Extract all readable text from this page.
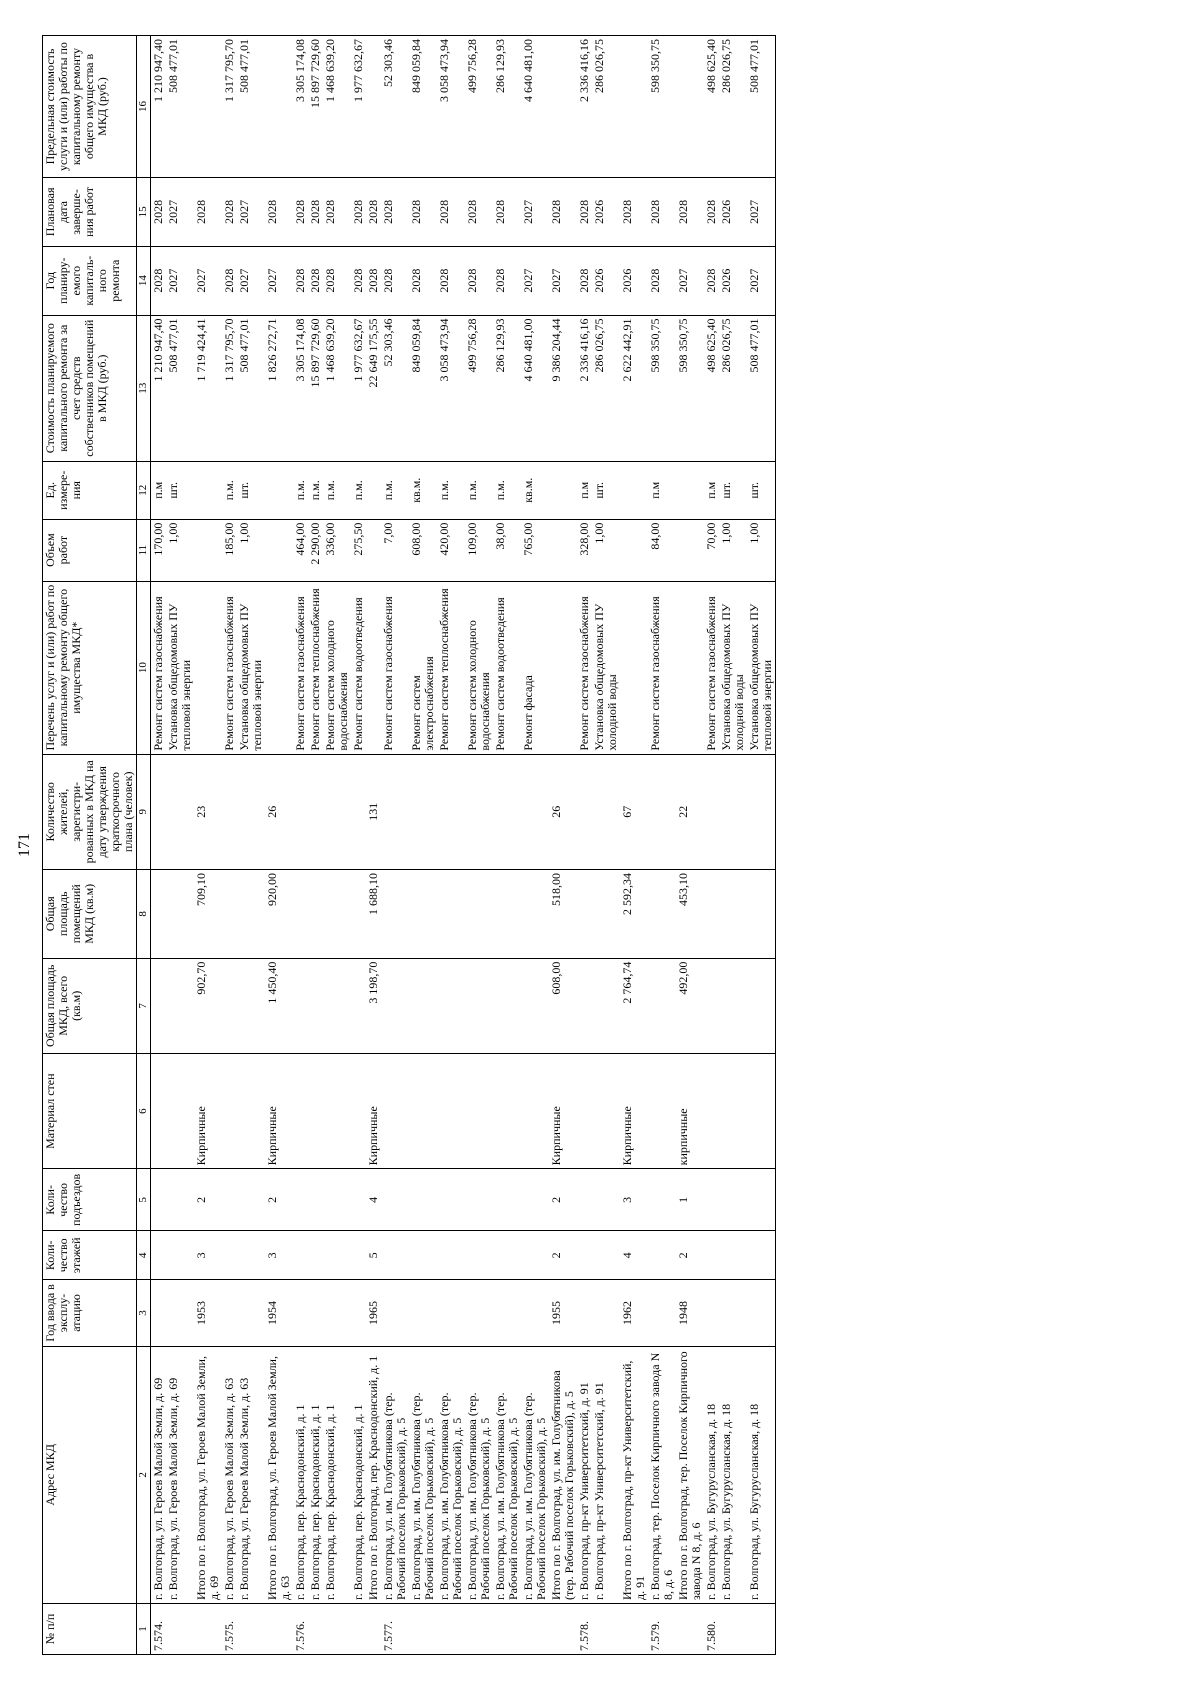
171
№ п/п	Адрес МКД	Год ввода в эксплу- атацию	Коли- чество этажей	Коли- чество подъездов	Материал стен	Общая площадь МКД, всего (кв.м)	Общая площадь помещений МКД (кв.м)	Количество жителей, зарегистри- рованных в МКД на дату утверждения краткосрочного плана (человек)	Перечень услуг и (или) работ по капитальному ремонту общего имущества МКД*	Объем работ	Ед. измере- ния	Стоимость планируемого капитального ремонта за счет средств собственников помещений в МКД (руб.)	Год планиру- емого капиталь- ного ремонта	Плановая дата заверше- ния работ	Предельная стоимость услуги и (или) работы по капитальному ремонту общего имущества в МКД (руб.)
1	2	3	4	5	6	7	8	9	10	11	12	13	14	15	16
7.574.	г. Волгоград, ул. Героев Малой Земли, д. 69								Ремонт систем газоснабжения	170,00	п.м	1 210 947,40	2028	2028	1 210 947,40
	г. Волгоград, ул. Героев Малой Земли, д. 69								Установка общедомовых ПУ тепловой энергии	1,00	шт.	508 477,01	2027	2027	508 477,01
	Итого по г. Волгоград, ул. Героев Малой Земли, д. 69	1953	3	2	Кирпичные	902,70	709,10	23				1 719 424,41	2027	2028	
7.575.	г. Волгоград, ул. Героев Малой Земли, д. 63								Ремонт систем газоснабжения	185,00	п.м.	1 317 795,70	2028	2028	1 317 795,70
	г. Волгоград, ул. Героев Малой Земли, д. 63								Установка общедомовых ПУ тепловой энергии	1,00	шт.	508 477,01	2027	2027	508 477,01
	Итого по г. Волгоград, ул. Героев Малой Земли, д. 63	1954	3	2	Кирпичные	1 450,40	920,00	26				1 826 272,71	2027	2028	
7.576.	г. Волгоград, пер. Краснодонский, д. 1								Ремонт систем газоснабжения	464,00	п.м.	3 305 174,08	2028	2028	3 305 174,08
	г. Волгоград, пер. Краснодонский, д. 1								Ремонт систем теплоснабжения	2 290,00	п.м.	15 897 729,60	2028	2028	15 897 729,60
	г. Волгоград, пер. Краснодонский, д. 1								Ремонт систем холодного водоснабжения	336,00	п.м.	1 468 639,20	2028	2028	1 468 639,20
	г. Волгоград, пер. Краснодонский, д. 1								Ремонт систем водоотведения	275,50	п.м.	1 977 632,67	2028	2028	1 977 632,67
	Итого по г. Волгоград, пер. Краснодонский, д. 1	1965	5	4	Кирпичные	3 198,70	1 688,10	131				22 649 175,55	2028	2028	
7.577.	г. Волгоград, ул. им. Голубятникова (тер. Рабочий поселок Горьковский), д. 5								Ремонт систем газоснабжения	7,00	п.м.	52 303,46	2028	2028	52 303,46
	г. Волгоград, ул. им. Голубятникова (тер. Рабочий поселок Горьковский), д. 5								Ремонт систем электроснабжения	608,00	кв.м.	849 059,84	2028	2028	849 059,84
	г. Волгоград, ул. им. Голубятникова (тер. Рабочий поселок Горьковский), д. 5								Ремонт систем теплоснабжения	420,00	п.м.	3 058 473,94	2028	2028	3 058 473,94
	г. Волгоград, ул. им. Голубятникова (тер. Рабочий поселок Горьковский), д. 5								Ремонт систем холодного водоснабжения	109,00	п.м.	499 756,28	2028	2028	499 756,28
	г. Волгоград, ул. им. Голубятникова (тер. Рабочий поселок Горьковский), д. 5								Ремонт систем водоотведения	38,00	п.м.	286 129,93	2028	2028	286 129,93
	г. Волгоград, ул. им. Голубятникова (тер. Рабочий поселок Горьковский), д. 5								Ремонт фасада	765,00	кв.м.	4 640 481,00	2027	2027	4 640 481,00
	Итого по г. Волгоград, ул. им. Голубятникова (тер. Рабочий поселок Горьковский), д. 5	1955	2	2	Кирпичные	608,00	518,00	26				9 386 204,44	2027	2028	
7.578.	г. Волгоград, пр-кт Университетский, д. 91								Ремонт систем газоснабжения	328,00	п.м	2 336 416,16	2028	2028	2 336 416,16
	г. Волгоград, пр-кт Университетский, д. 91								Установка общедомовых ПУ холодной воды	1,00	шт.	286 026,75	2026	2026	286 026,75
	Итого по г. Волгоград, пр-кт Университетский, д. 91	1962	4	3	Кирпичные	2 764,74	2 592,34	67				2 622 442,91	2026	2028	
7.579.	г. Волгоград, тер. Поселок Кирпичного завода N 8, д. 6								Ремонт систем газоснабжения	84,00	п.м	598 350,75	2028	2028	598 350,75
	Итого по г. Волгоград, тер. Поселок Кирпичного завода N 8, д. 6	1948	2	1	кирпичные	492,00	453,10	22				598 350,75	2027	2028	
7.580.	г. Волгоград, ул. Бугурусланская, д. 18								Ремонт систем газоснабжения	70,00	п.м	498 625,40	2028	2028	498 625,40
	г. Волгоград, ул. Бугурусланская, д. 18								Установка общедомовых ПУ холодной воды	1,00	шт.	286 026,75	2026	2026	286 026,75
	г. Волгоград, ул. Бугурусланская, д. 18								Установка общедомовых ПУ тепловой энергии	1,00	шт.	508 477,01	2027	2027	508 477,01
